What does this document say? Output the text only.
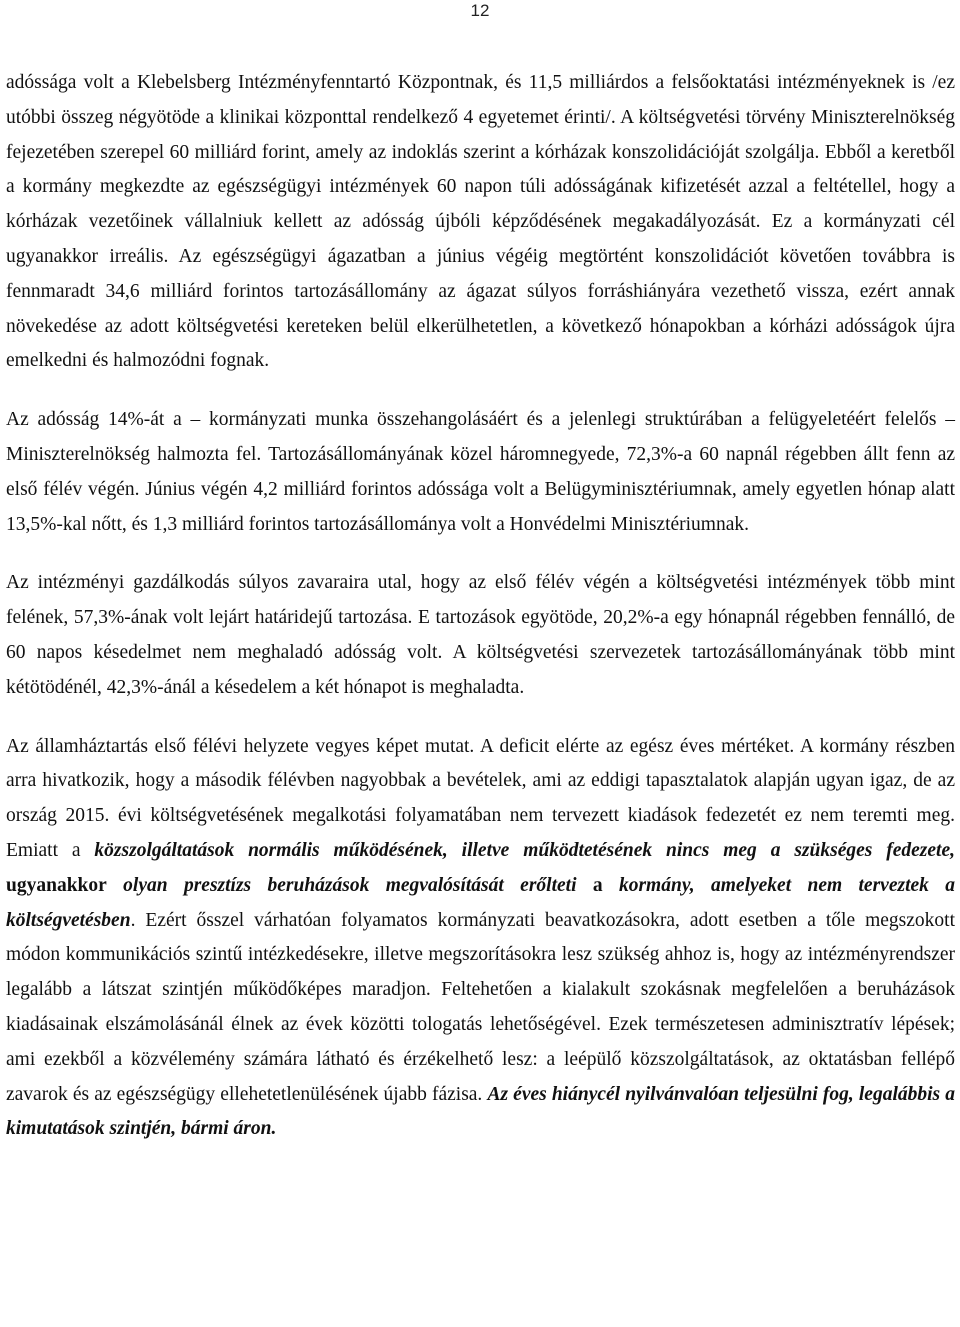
12

adóssága volt a Klebelsberg Intézményfenntartó Központnak, és 11,5 milliárdos a felsőoktatási intézményeknek is /ez utóbbi összeg négyötöde a klinikai központtal rendelkező 4 egyetemet érinti/. A költségvetési törvény Miniszterelnökség fejezetében szerepel 60 milliárd forint, amely az indoklás szerint a kórházak konszolidációját szolgálja. Ebből a keretből a kormány megkezdte az egészségügyi intézmények 60 napon túli adósságának kifizetését azzal a feltétellel, hogy a kórházak vezetőinek vállalniuk kellett az adósság újbóli képződésének megakadályozását. Ez a kormányzati cél ugyanakkor irreális. Az egészségügyi ágazatban a június végéig megtörtént konszolidációt követően továbbra is fennmaradt 34,6 milliárd forintos tartozásállomány az ágazat súlyos forráshiányára vezethető vissza, ezért annak növekedése az adott költségvetési kereteken belül elkerülhetetlen, a következő hónapokban a kórházi adósságok újra emelkedni és halmozódni fognak.

Az adósság 14%-át a – kormányzati munka összehangolásáért és a jelenlegi struktúrában a felügyeletéért felelős – Miniszterelnökség halmozta fel. Tartozásállományának közel háromnegyede, 72,3%-a 60 napnál régebben állt fenn az első félév végén. Június végén 4,2 milliárd forintos adóssága volt a Belügyminisztériumnak, amely egyetlen hónap alatt 13,5%-kal nőtt, és 1,3 milliárd forintos tartozásállománya volt a Honvédelmi Minisztériumnak.

Az intézményi gazdálkodás súlyos zavaraira utal, hogy az első félév végén a költségvetési intézmények több mint felének, 57,3%-ának volt lejárt határidejű tartozása. E tartozások egyötöde, 20,2%-a egy hónapnál régebben fennálló, de 60 napos késedelmet nem meghaladó adósság volt. A költségvetési szervezetek tartozásállományának több mint kétötödénél, 42,3%-ánál a késedelem a két hónapot is meghaladta.

Az államháztartás első félévi helyzete vegyes képet mutat. A deficit elérte az egész éves mértéket. A kormány részben arra hivatkozik, hogy a második félévben nagyobbak a bevételek, ami az eddigi tapasztalatok alapján ugyan igaz, de az ország 2015. évi költségvetésének megalkotási folyamatában nem tervezett kiadások fedezetét ez nem teremti meg. Emiatt a közszolgáltatások normális működésének, illetve működtetésének nincs meg a szükséges fedezete, ugyanakkor olyan presztízs beruházások megvalósítását erőlteti a kormány, amelyeket nem terveztek a költségvetésben. Ezért ősszel várhatóan folyamatos kormányzati beavatkozásokra, adott esetben a tőle megszokott módon kommunikációs szintű intézkedésekre, illetve megszorításokra lesz szükség ahhoz is, hogy az intézményrendszer legalább a látszat szintjén működőképes maradjon. Feltehetően a kialakult szokásnak megfelelően a beruházások kiadásainak elszámolásánál élnek az évek közötti tologatás lehetőségével. Ezek természetesen adminisztratív lépések; ami ezekből a közvélemény számára látható és érzékelhető lesz: a leépülő közszolgáltatások, az oktatásban fellépő zavarok és az egészségügy ellehetetlenülésének újabb fázisa. Az éves hiánycél nyilvánvalóan teljesülni fog, legalábbis a kimutatások szintjén, bármi áron.
